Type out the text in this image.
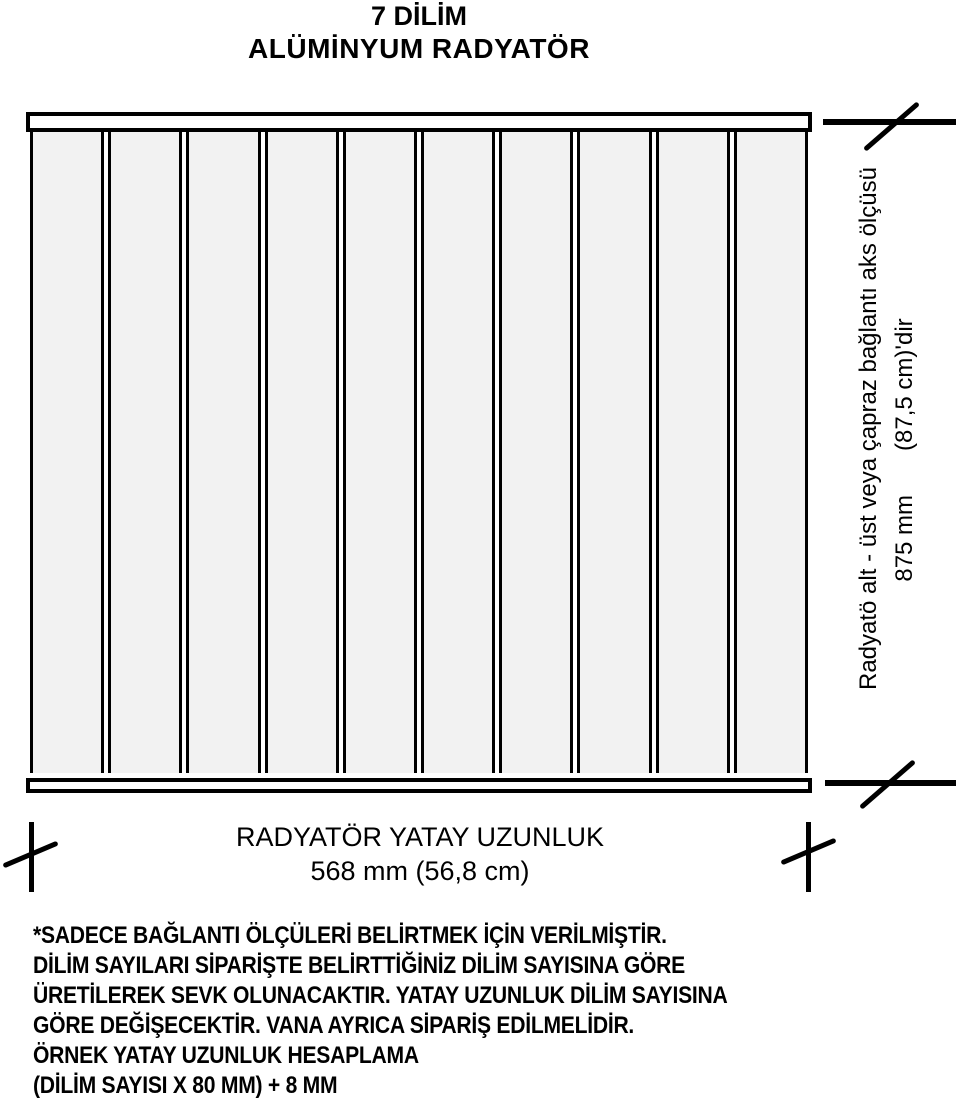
7 DİLİM
ALÜMİNYUM RADYATÖR
Radyatö alt - üst veya çapraz bağlantı aks ölçüsü 875 mm(87,5 cm)'dir
RADYATÖR YATAY UZUNLUK
568 mm (56,8 cm)
*SADECE BAĞLANTI ÖLÇÜLERİ BELİRTMEK İÇİN VERİLMİŞTİR.
DİLİM SAYILARI SİPARİŞTE BELİRTTİĞİNİZ DİLİM SAYISINA GÖRE
ÜRETİLEREK SEVK OLUNACAKTIR. YATAY UZUNLUK DİLİM SAYISINA
GÖRE DEĞİŞECEKTİR. VANA AYRICA SİPARİŞ EDİLMELİDİR.
ÖRNEK YATAY UZUNLUK HESAPLAMA
(DİLİM SAYISI X 80 MM) + 8 MM
